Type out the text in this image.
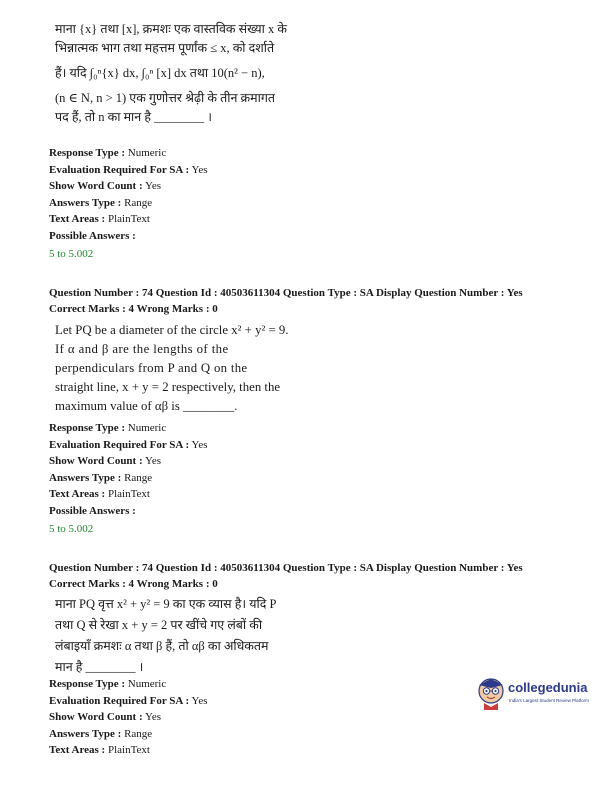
माना {x} तथा [x], क्रमशः एक वास्तविक संख्या x के

भिन्नात्मक भाग तथा महत्तम पूर्णांक ≤ x, को दर्शाते

हैं। यदि ∫₀ⁿ{x} dx, ∫₀ⁿ [x] dx तथा 10(n² − n),

(n ∈ N, n > 1) एक गुणोत्तर श्रेढ़ी के तीन क्रमागत

पद हैं, तो n का मान है ________ ।

Response Type : Numeric
Evaluation Required For SA : Yes
Show Word Count : Yes
Answers Type : Range
Text Areas : PlainText
Possible Answers :
5 to 5.002
Question Number : 74 Question Id : 40503611304 Question Type : SA Display Question Number : Yes
Correct Marks : 4 Wrong Marks : 0

Let PQ be a diameter of the circle x² + y² = 9.

If α and β are the lengths of the

perpendiculars from P and Q on the

straight line, x + y = 2 respectively, then the

maximum value of αβ is ________.

Response Type : Numeric
Evaluation Required For SA : Yes
Show Word Count : Yes
Answers Type : Range
Text Areas : PlainText
Possible Answers :
5 to 5.002
Question Number : 74 Question Id : 40503611304 Question Type : SA Display Question Number : Yes
Correct Marks : 4 Wrong Marks : 0

माना PQ वृत्त x² + y² = 9 का एक व्यास है। यदि P

तथा Q से रेखा x + y = 2 पर खींचे गए लंबों की

लंबाइयाँ क्रमशः α तथा β हैं, तो αβ का अधिकतम

मान है ________ ।

Response Type : Numeric
Evaluation Required For SA : Yes
Show Word Count : Yes
Answers Type : Range
Text Areas : PlainText
collegedunia
India's Largest Student Review Platform
